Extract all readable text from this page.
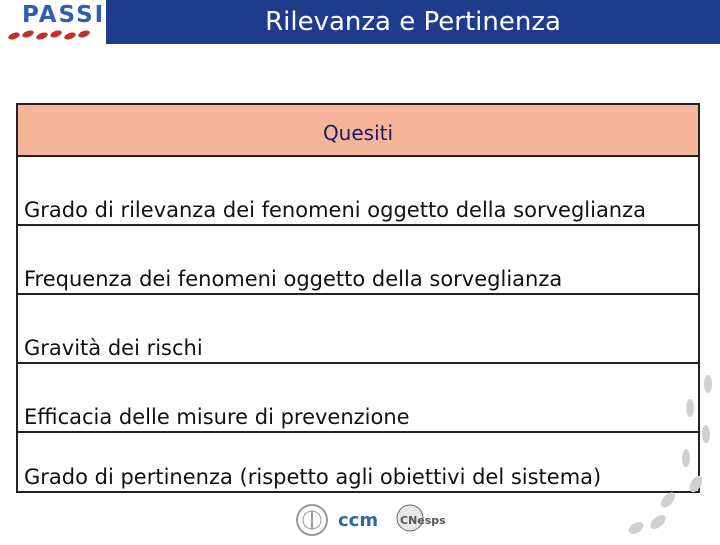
PASSI	Rilevanza e Pertinenza
Quesiti
Grado di rilevanza dei fenomeni oggetto della sorveglianza
Frequenza dei fenomeni oggetto della sorveglianza
Gravità dei rischi
Efficacia delle misure di prevenzione
Grado di pertinenza (rispetto agli obiettivi del sistema)
ccm CNesps
